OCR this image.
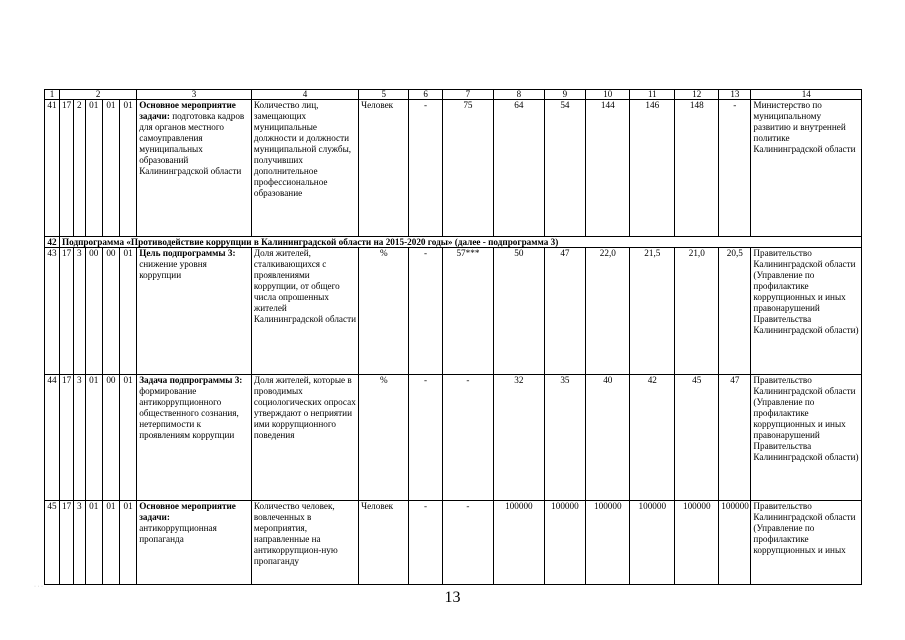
1	2					3	4	5	6	7	8	9	10	11	12	13	14
41	17	2	01	01	01	Основное мероприятие задачи: подготовка кадров для органов местного самоуправления муниципальных образований Калининградской области	Количество лиц, замещающих муниципальные должности и должности муниципальной службы, получивших дополнительное профессиональное образование	Человек	-	75	64	54	144	146	148	-	Министерство по муниципальному развитию и внутренней политике Калининградской области
42	Подпрограмма «Противодействие коррупции в Калининградской области на 2015-2020 годы» (далее - подпрограмма 3)																
43	17	3	00	00	01	Цель подпрограммы 3: снижение уровня коррупции	Доля жителей, сталкивающихся с проявлениями коррупции, от общего числа опрошенных жителей Калининградской области	%	-	57***	50	47	22,0	21,5	21,0	20,5	Правительство Калининградской области (Управление по профилактике коррупционных и иных правонарушений Правительства Калининградской области)
44	17	3	01	00	01	Задача подпрограммы 3: формирование антикоррупционного общественного сознания, нетерпимости к проявлениям коррупции	Доля жителей, которые в проводимых социологических опросах утверждают о неприятии ими коррупционного поведения	%	-	-	32	35	40	42	45	47	Правительство Калининградской области (Управление по профилактике коррупционных и иных правонарушений Правительства Калининградской области)
45	17	3	01	01	01	Основное мероприятие задачи: антикоррупционная пропаганда	Количество человек, вовлеченных в мероприятия, направленные на антикоррупцион-ную пропаганду	Человек	-	-	100000	100000	100000	100000	100000	100000	Правительство Калининградской области (Управление по профилактике коррупционных и иных
· · ·
13
